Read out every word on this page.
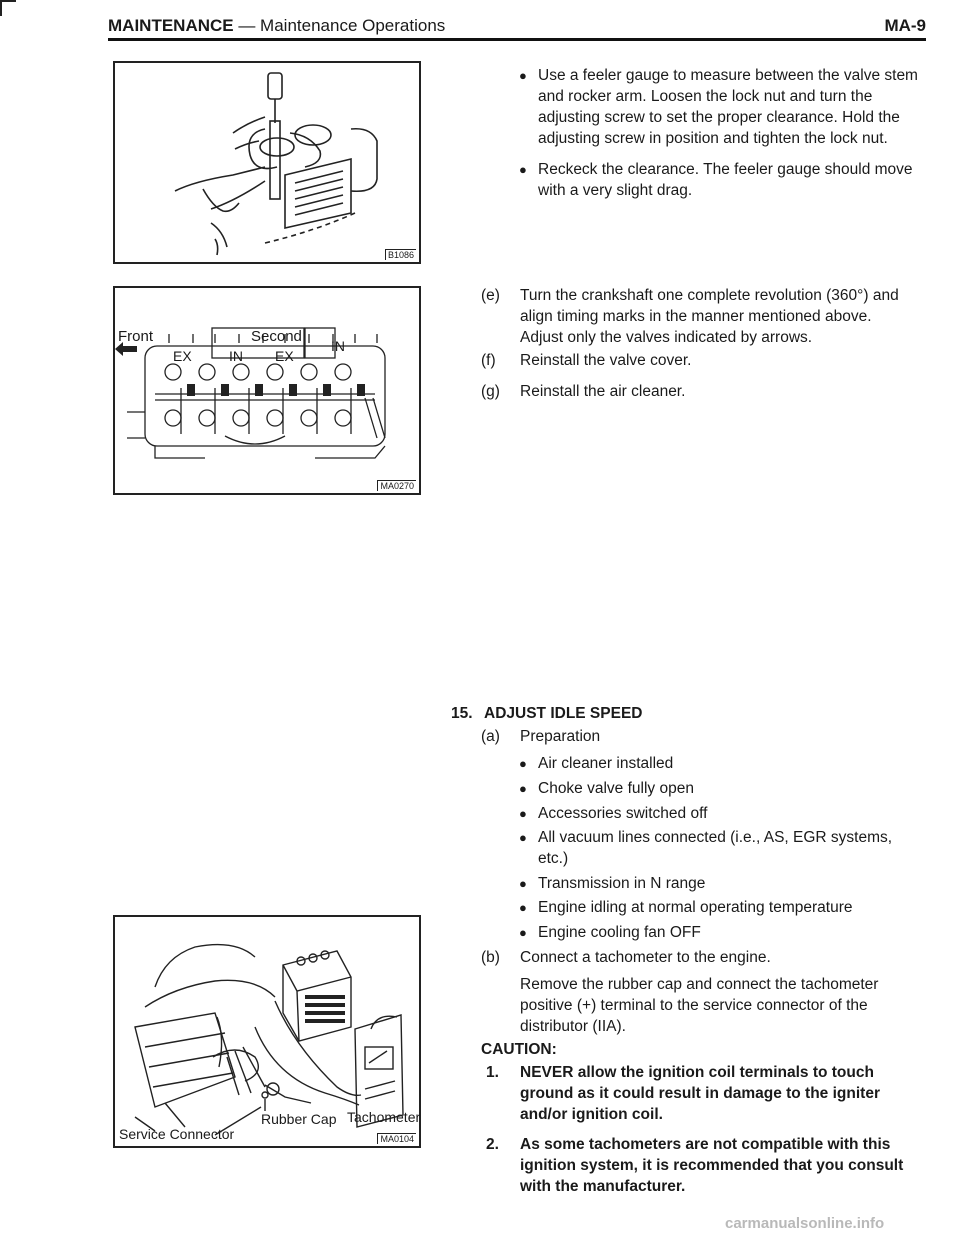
MAINTENANCE — Maintenance Operations	MA-9
B1086
Front	Second
EX	IN EX
IN
MA0270
Rubber Cap Tachometer
Service Connector	MA0104
● Use a feeler gauge to measure between the valve stem and rocker arm. Loosen the lock nut and turn the adjusting screw to set the proper clearance. Hold the adjusting screw in position and tighten the lock nut.
● Reckeck the clearance. The feeler gauge should move with a very slight drag.
(e) Turn the crankshaft one complete revolution (360°) and align timing marks in the manner mentioned above. Adjust only the valves indicated by arrows.
(f) Reinstall the valve cover.
(g) Reinstall the air cleaner.
15. ADJUST IDLE SPEED
(a) Preparation
● Air cleaner installed
● Choke valve fully open
● Accessories switched off
● All vacuum lines connected (i.e., AS, EGR systems, etc.)
● Transmission in N range
● Engine idling at normal operating temperature
● Engine cooling fan OFF
(b) Connect a tachometer to the engine.
Remove the rubber cap and connect the tachometer positive (+) terminal to the service connector of the distributor (IIA).
CAUTION:
1. NEVER allow the ignition coil terminals to touch ground as it could result in damage to the igniter and/or ignition coil.
2. As some tachometers are not compatible with this ignition system, it is recommended that you consult with the manufacturer.
carmanualsonline.info
